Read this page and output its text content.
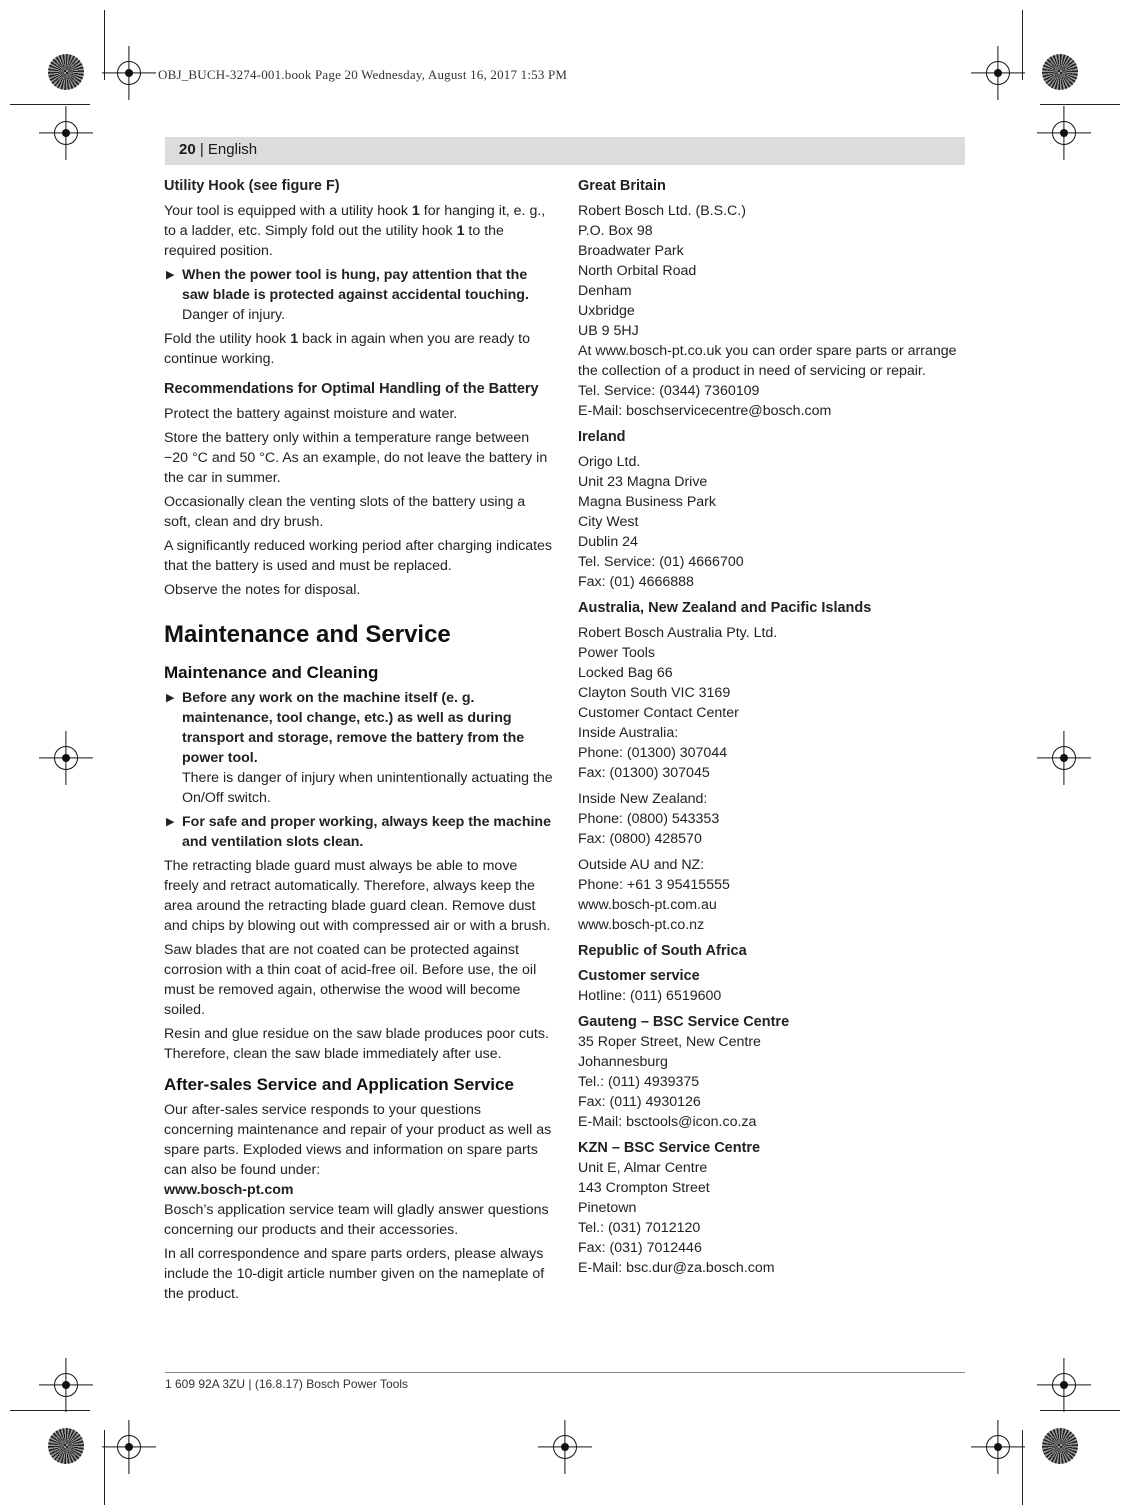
OBJ_BUCH-3274-001.book Page 20 Wednesday, August 16, 2017 1:53 PM
20 | English
Utility Hook (see figure F)

Your tool is equipped with a utility hook 1 for hanging it, e. g., to a ladder, etc. Simply fold out the utility hook 1 to the required position.

▶ When the power tool is hung, pay attention that the saw blade is protected against accidental touching.
Danger of injury.

Fold the utility hook 1 back in again when you are ready to continue working.

Recommendations for Optimal Handling of the Battery

Protect the battery against moisture and water.

Store the battery only within a temperature range between −20 °C and 50 °C. As an example, do not leave the battery in the car in summer.

Occasionally clean the venting slots of the battery using a soft, clean and dry brush.

A significantly reduced working period after charging indicates that the battery is used and must be replaced.

Observe the notes for disposal.

Maintenance and Service
Maintenance and Cleaning
▶ Before any work on the machine itself (e. g. maintenance, tool change, etc.) as well as during transport and storage, remove the battery from the power tool.
There is danger of injury when unintentionally actuating the On/Off switch.
▶ For safe and proper working, always keep the machine and ventilation slots clean.

The retracting blade guard must always be able to move freely and retract automatically. Therefore, always keep the area around the retracting blade guard clean. Remove dust and chips by blowing out with compressed air or with a brush.

Saw blades that are not coated can be protected against corrosion with a thin coat of acid-free oil. Before use, the oil must be removed again, otherwise the wood will become soiled.

Resin and glue residue on the saw blade produces poor cuts. Therefore, clean the saw blade immediately after use.

After-sales Service and Application Service

Our after-sales service responds to your questions concerning maintenance and repair of your product as well as spare parts. Exploded views and information on spare parts can also be found under:

www.bosch-pt.com

Bosch’s application service team will gladly answer questions concerning our products and their accessories.

In all correspondence and spare parts orders, please always include the 10‑digit article number given on the nameplate of the product.

Great Britain
Robert Bosch Ltd. (B.S.C.)
P.O. Box 98
Broadwater Park
North Orbital Road
Denham
Uxbridge
UB 9 5HJ

At www.bosch-pt.co.uk you can order spare parts or arrange the collection of a product in need of servicing or repair.

Tel. Service: (0344) 7360109
E-Mail: boschservicecentre@bosch.com
Ireland
Origo Ltd.
Unit 23 Magna Drive
Magna Business Park
City West
Dublin 24
Tel. Service: (01) 4666700
Fax: (01) 4666888
Australia, New Zealand and Pacific Islands
Robert Bosch Australia Pty. Ltd.
Power Tools
Locked Bag 66
Clayton South VIC 3169
Customer Contact Center
Inside Australia:
Phone: (01300) 307044
Fax: (01300) 307045
Inside New Zealand:
Phone: (0800) 543353
Fax: (0800) 428570
Outside AU and NZ:
Phone: +61 3 95415555
www.bosch-pt.com.au
www.bosch-pt.co.nz
Republic of South Africa
Customer service
Hotline: (011) 6519600
Gauteng – BSC Service Centre
35 Roper Street, New Centre
Johannesburg
Tel.: (011) 4939375
Fax: (011) 4930126
E-Mail: bsctools@icon.co.za
KZN – BSC Service Centre
Unit E, Almar Centre
143 Crompton Street
Pinetown
Tel.: (031) 7012120
Fax: (031) 7012446
E-Mail: bsc.dur@za.bosch.com
1 609 92A 3ZU | (16.8.17) Bosch Power Tools
